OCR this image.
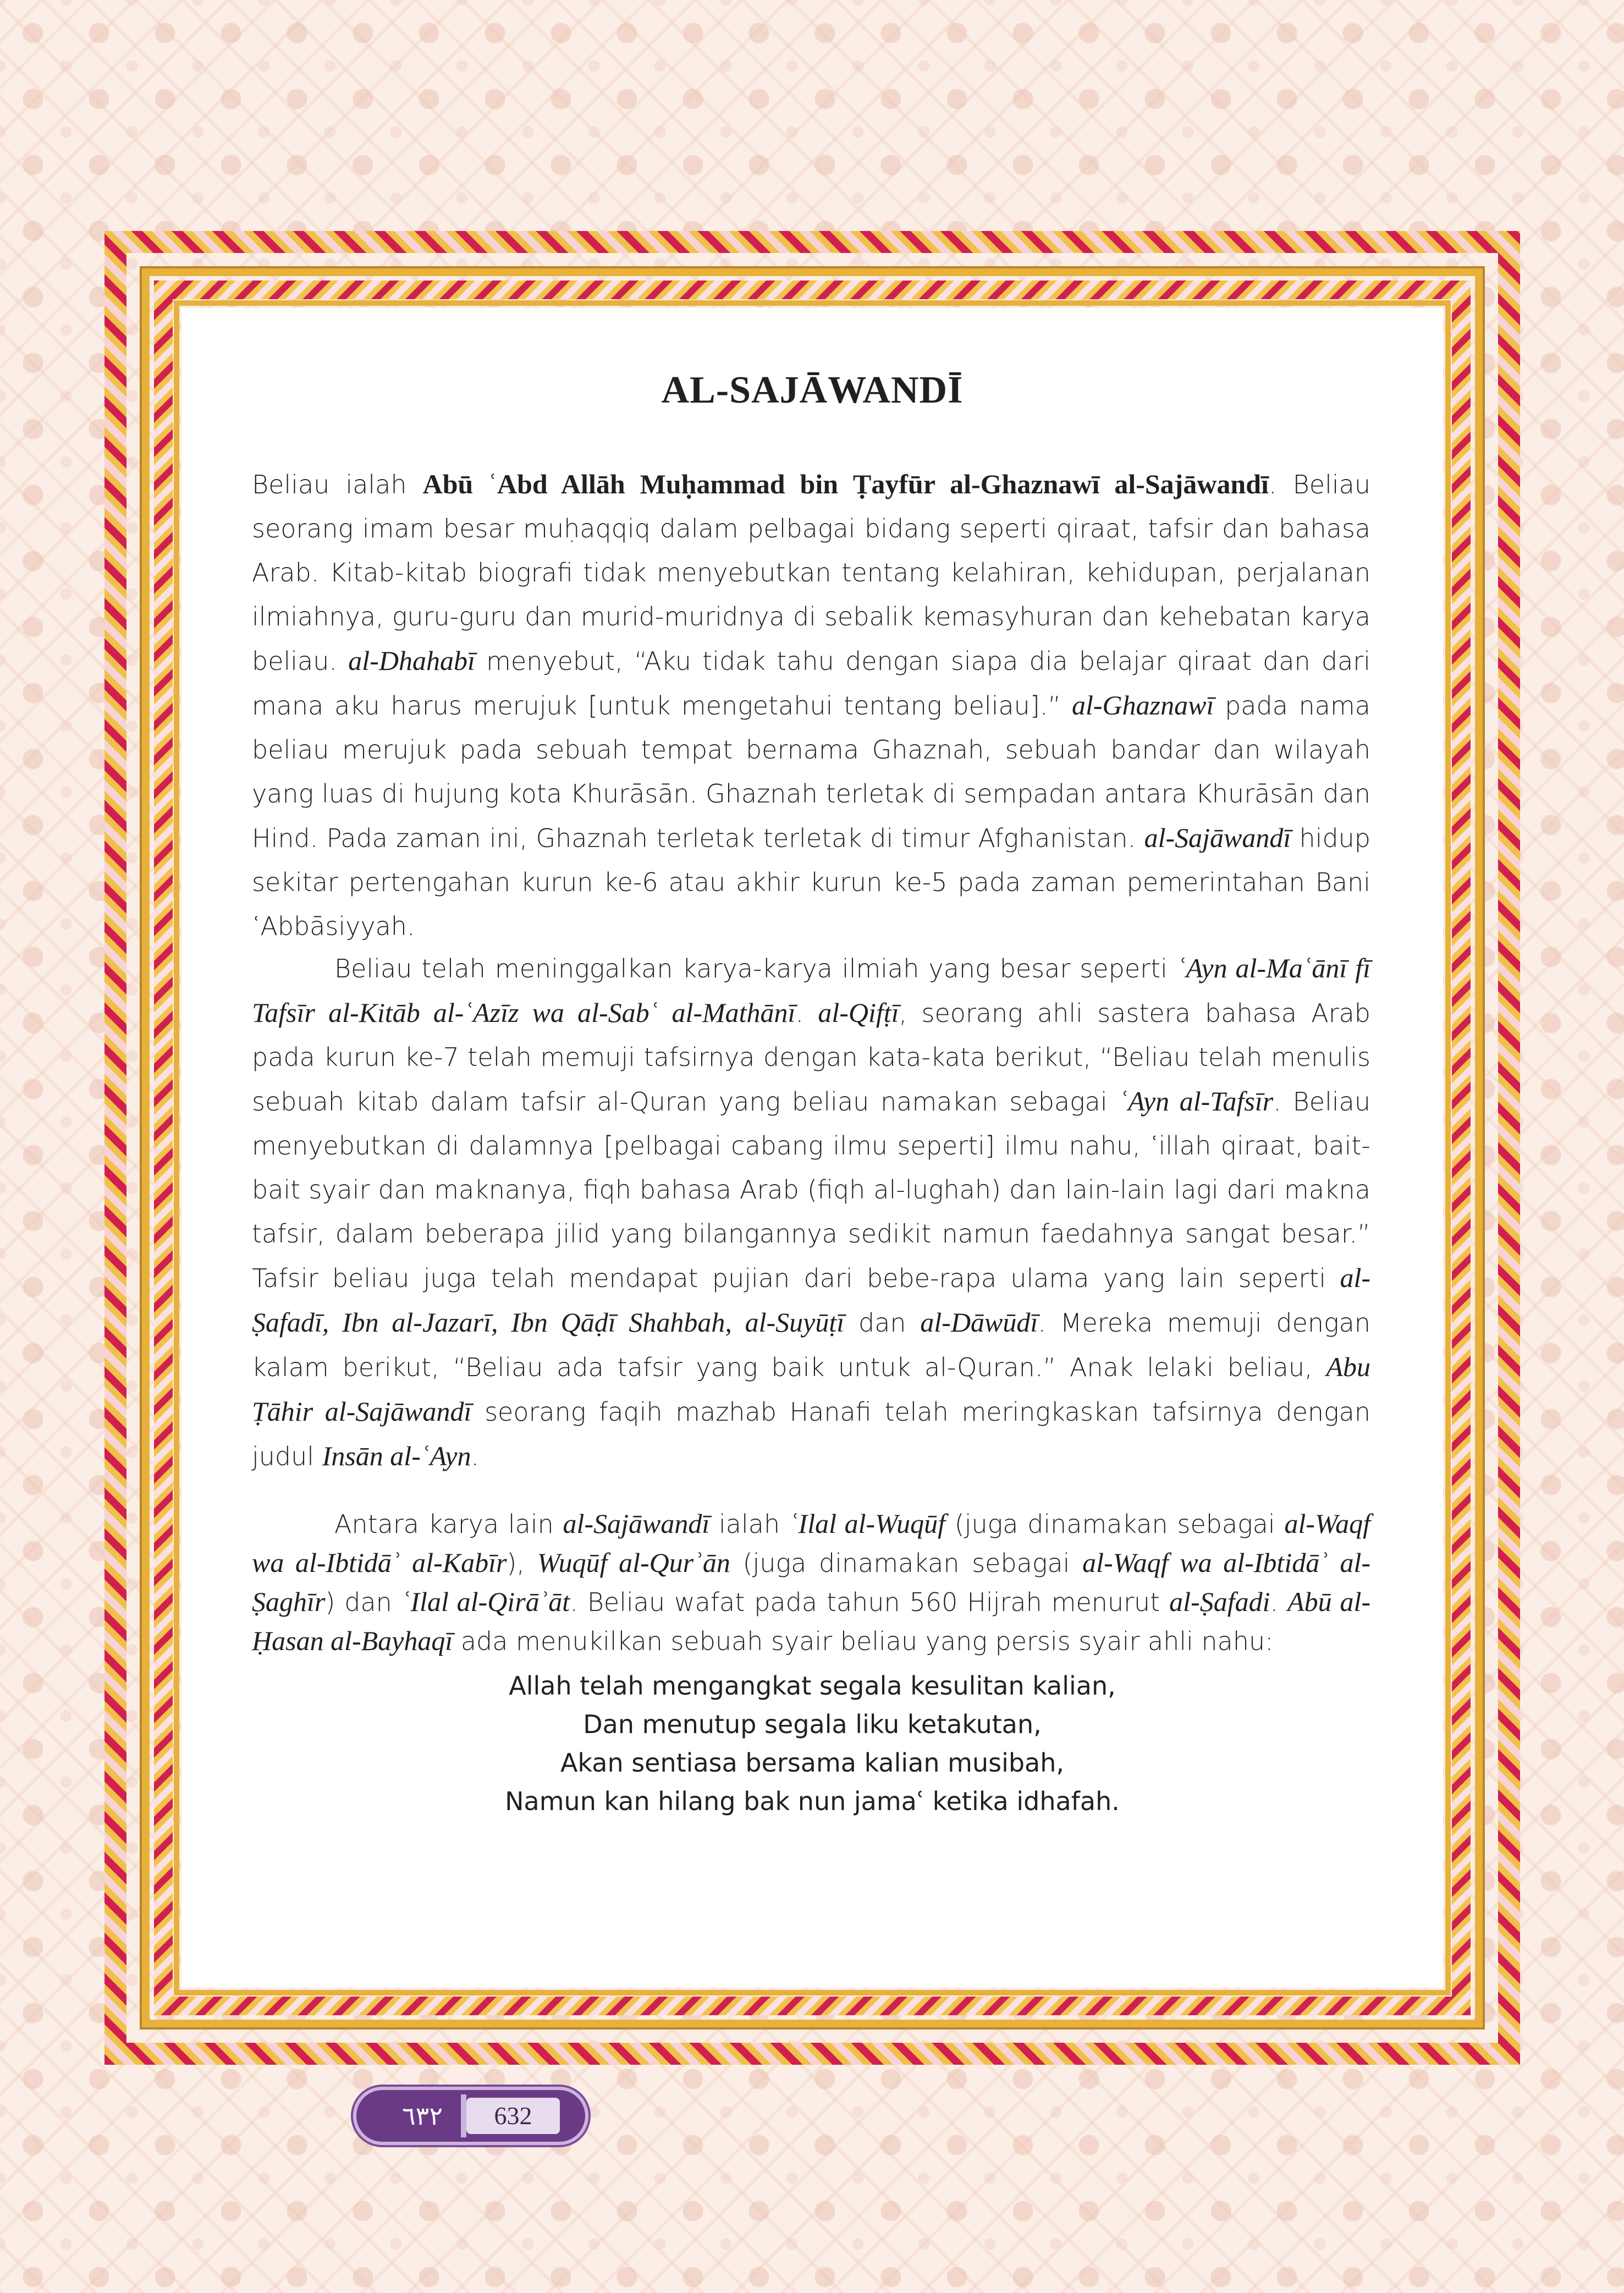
AL-SAJĀWANDĪ

Beliau ialah Abū ʿAbd Allāh Muḥammad bin Ṭayfūr al-Ghaznawī al-Sajāwandī. Beliau seorang imam besar muḥaqqiq dalam pelbagai bidang seperti qiraat, tafsir dan bahasa Arab. Kitab-kitab biografi tidak menyebutkan tentang kelahiran, kehidupan, perjalanan ilmiahnya, guru-guru dan murid-muridnya di sebalik kemasyhuran dan kehebatan karya beliau. al-Dhahabī menyebut, “Aku tidak tahu dengan siapa dia belajar qiraat dan dari mana aku harus merujuk [untuk mengetahui tentang beliau].” al-Ghaznawī pada nama beliau merujuk pada sebuah tempat bernama Ghaznah, sebuah bandar dan wilayah yang luas di hujung kota Khurāsān. Ghaznah terletak di sempadan antara Khurāsān dan Hind. Pada zaman ini, Ghaznah terletak terletak di timur Afghanistan. al-Sajāwandī hidup sekitar pertengahan kurun ke-6 atau akhir kurun ke-5 pada zaman pemerintahan Bani ʿAbbāsiyyah.

Beliau telah meninggalkan karya-karya ilmiah yang besar seperti ʿAyn al-Maʿānī fī Tafsīr al-Kitāb al-ʿAzīz wa al-Sabʿ al-Mathānī. al-Qifṭī, seorang ahli sastera bahasa Arab pada kurun ke-7 telah memuji tafsirnya dengan kata-kata berikut, “Beliau telah menulis sebuah kitab dalam tafsir al-Quran yang beliau namakan sebagai ʿAyn al-Tafsīr. Beliau menyebutkan di dalamnya [pelbagai cabang ilmu seperti] ilmu nahu, ʿillah qiraat, bait-bait syair dan maknanya, fiqh bahasa Arab (fiqh al-lughah) dan lain-lain lagi dari makna tafsir, dalam beberapa jilid yang bilangannya sedikit namun faedahnya sangat besar.” Tafsir beliau juga telah mendapat pujian dari bebe-rapa ulama yang lain seperti al-Ṣafadī, Ibn al-Jazarī, Ibn Qāḍī Shahbah, al-Suyūṭī dan al-Dāwūdī. Mereka memuji dengan kalam berikut, “Beliau ada tafsir yang baik untuk al-Quran.” Anak lelaki beliau, Abu Ṭāhir al-Sajāwandī seorang faqih mazhab Hanafi telah meringkaskan tafsirnya dengan judul Insān al-ʿAyn.

Antara karya lain al-Sajāwandī ialah ʿIlal al-Wuqūf (juga dinamakan sebagai al-Waqf wa al-Ibtidāʾ al-Kabīr), Wuqūf al-Qurʾān (juga dinamakan sebagai al-Waqf wa al-Ibtidāʾ al-Ṣaghīr) dan ʿIlal al-Qirāʾāt. Beliau wafat pada tahun 560 Hijrah menurut al-Ṣafadi. Abū al-Ḥasan al-Bayhaqī ada menukilkan sebuah syair beliau yang persis syair ahli nahu:

Allah telah mengangkat segala kesulitan kalian,
Dan menutup segala liku ketakutan,
Akan sentiasa bersama kalian musibah,
Namun kan hilang bak nun jamaʿ ketika idhafah.
٦٣٢	632
